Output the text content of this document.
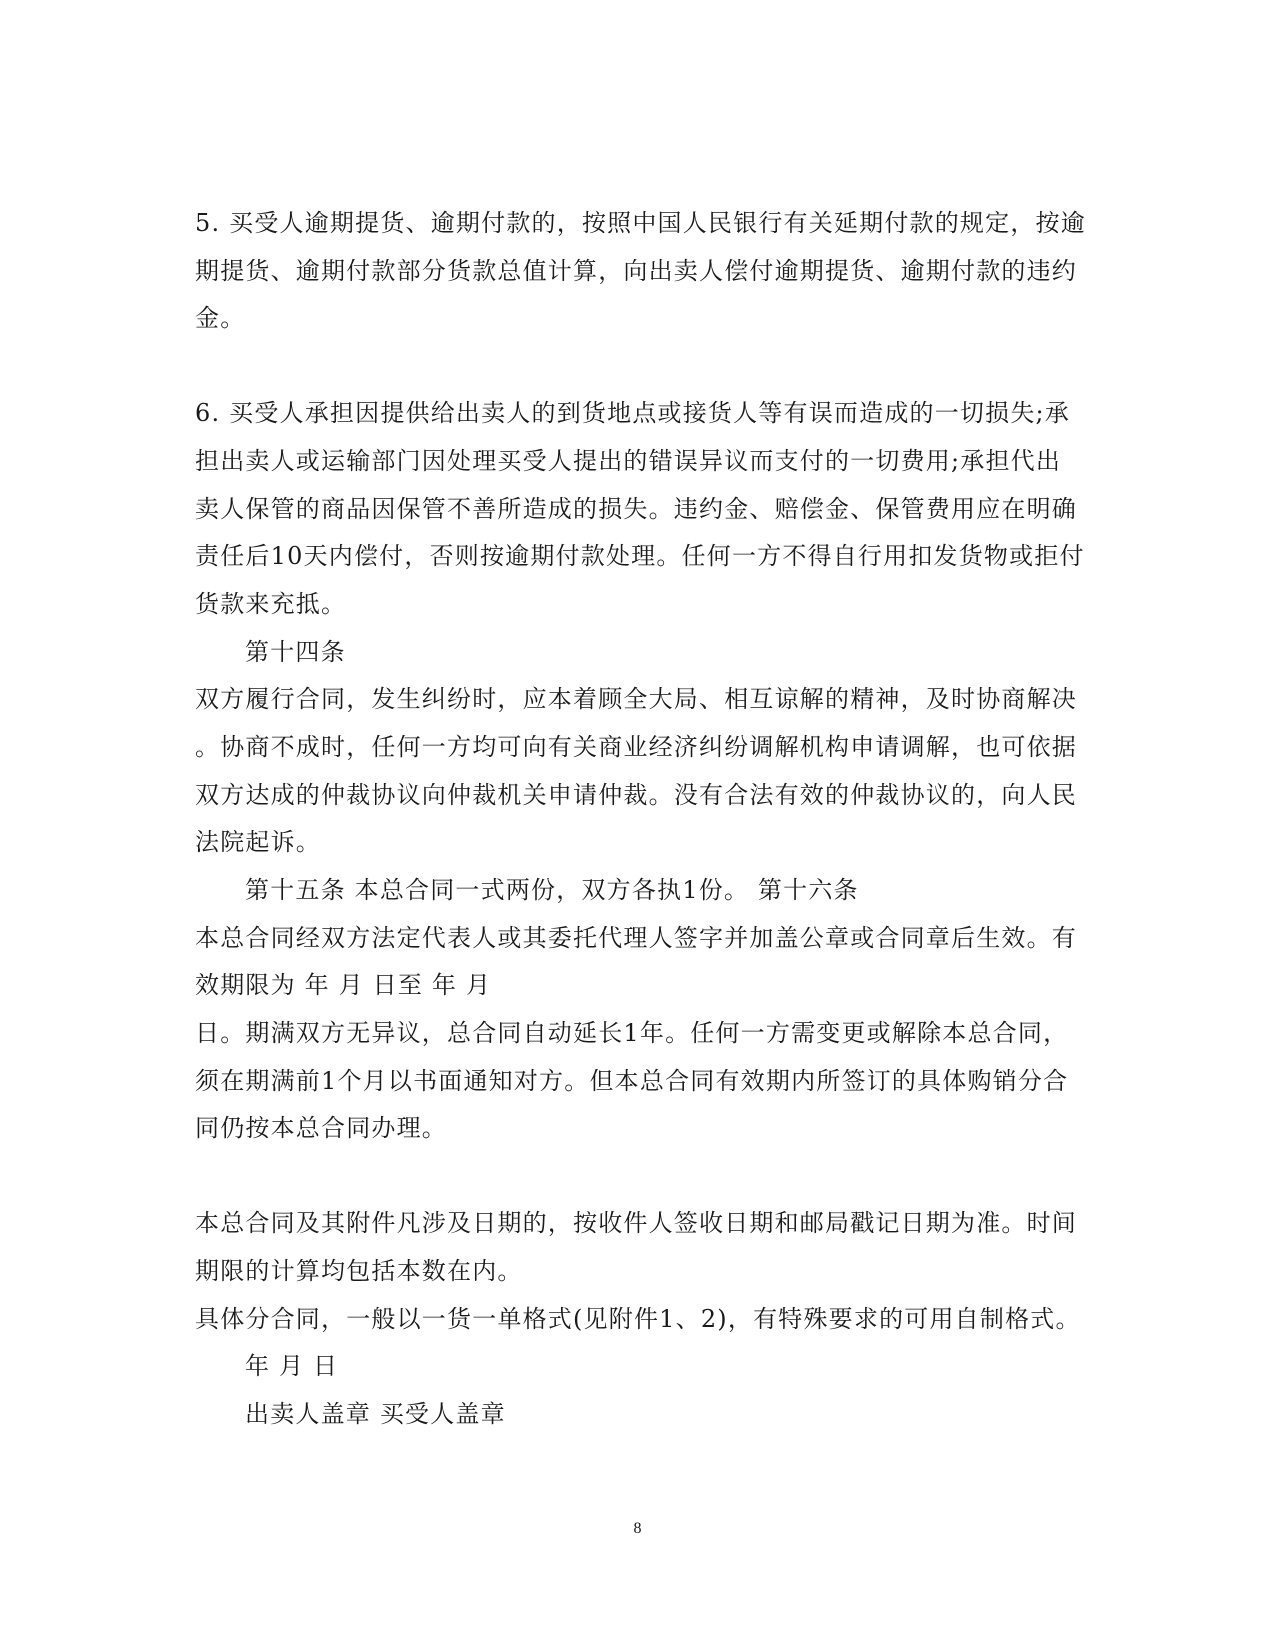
5. 买受人逾期提货、逾期付款的，按照中国人民银行有关延期付款的规定，按逾
期提货、逾期付款部分货款总值计算，向出卖人偿付逾期提货、逾期付款的违约
金。
6. 买受人承担因提供给出卖人的到货地点或接货人等有误而造成的一切损失;承
担出卖人或运输部门因处理买受人提出的错误异议而支付的一切费用;承担代出
卖人保管的商品因保管不善所造成的损失。违约金、赔偿金、保管费用应在明确
责任后10天内偿付，否则按逾期付款处理。任何一方不得自行用扣发货物或拒付
货款来充抵。
第十四条
双方履行合同，发生纠纷时，应本着顾全大局、相互谅解的精神，及时协商解决
。协商不成时，任何一方均可向有关商业经济纠纷调解机构申请调解，也可依据
双方达成的仲裁协议向仲裁机关申请仲裁。没有合法有效的仲裁协议的，向人民
法院起诉。
第十五条 本总合同一式两份，双方各执1份。 第十六条
本总合同经双方法定代表人或其委托代理人签字并加盖公章或合同章后生效。有
效期限为 年 月 日至 年 月
日。期满双方无异议，总合同自动延长1年。任何一方需变更或解除本总合同，
须在期满前1个月以书面通知对方。但本总合同有效期内所签订的具体购销分合
同仍按本总合同办理。
本总合同及其附件凡涉及日期的，按收件人签收日期和邮局戳记日期为准。时间
期限的计算均包括本数在内。
具体分合同，一般以一货一单格式(见附件1、2)，有特殊要求的可用自制格式。
年 月 日
出卖人盖章 买受人盖章
8
